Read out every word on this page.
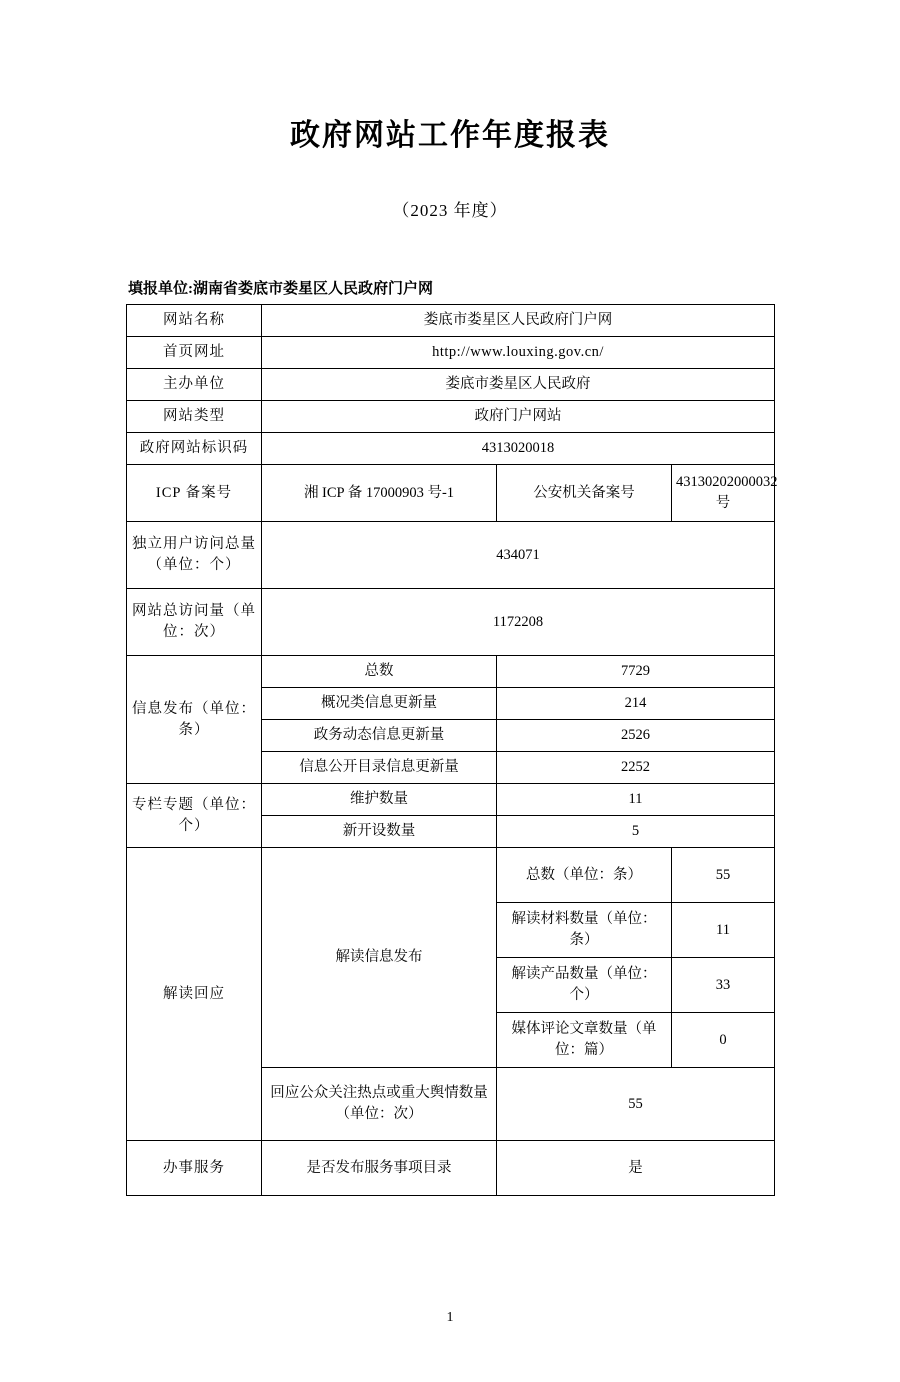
政府网站工作年度报表
（2023 年度）
填报单位:湖南省娄底市娄星区人民政府门户网
网站名称	娄底市娄星区人民政府门户网		
首页网址	http://www.louxing.gov.cn/		
主办单位	娄底市娄星区人民政府		
网站类型	政府门户网站		
政府网站标识码	4313020018		
ICP 备案号	湘 ICP 备 17000903 号-1	公安机关备案号	43130202000032 号
独立用户访问总量（单位：个）	434071		
网站总访问量（单位：次）	1172208		
信息发布（单位：条）	总数	7729	
	概况类信息更新量	214	
	政务动态信息更新量	2526	
	信息公开目录信息更新量	2252	
专栏专题（单位：个）	维护数量	11	
	新开设数量	5	
解读回应	解读信息发布	总数（单位：条）	55
		解读材料数量（单位：条）	11
		解读产品数量（单位：个）	33
		媒体评论文章数量（单位：篇）	0
	回应公众关注热点或重大舆情数量（单位：次）	55	
办事服务	是否发布服务事项目录	是	
1
